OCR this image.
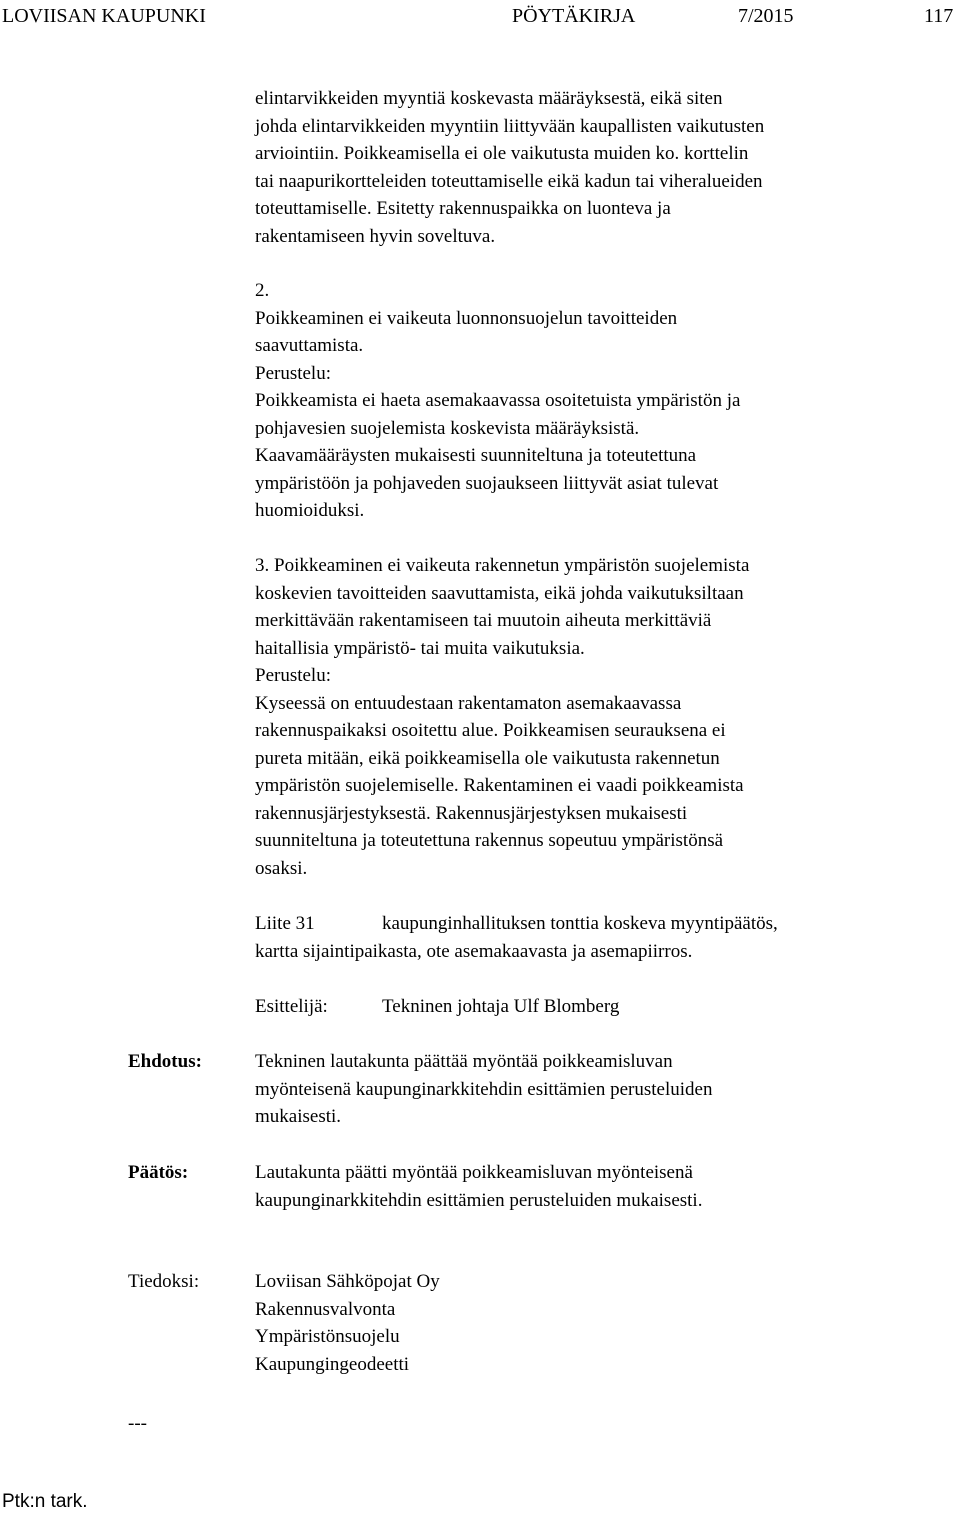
LOVIISAN KAUPUNKI	PÖYTÄKIRJA	7/2015	117

elintarvikkeiden myyntiä koskevasta määräyksestä, eikä siten

johda elintarvikkeiden myyntiin liittyvään kaupallisten vaikutusten

arviointiin. Poikkeamisella ei ole vaikutusta muiden ko. korttelin

tai naapurikortteleiden toteuttamiselle eikä kadun tai viheralueiden

toteuttamiselle. Esitetty rakennuspaikka on luonteva ja

rakentamiseen hyvin soveltuva.

2.

Poikkeaminen ei vaikeuta luonnonsuojelun tavoitteiden

saavuttamista.

Perustelu:

Poikkeamista ei haeta asemakaavassa osoitetuista ympäristön ja

pohjavesien suojelemista koskevista määräyksistä.

Kaavamääräysten mukaisesti suunniteltuna ja toteutettuna

ympäristöön ja pohjaveden suojaukseen liittyvät asiat tulevat

huomioiduksi.

3. Poikkeaminen ei vaikeuta rakennetun ympäristön suojelemista

koskevien tavoitteiden saavuttamista, eikä johda vaikutuksiltaan

merkittävään rakentamiseen tai muutoin aiheuta merkittäviä

haitallisia ympäristö- tai muita vaikutuksia.

Perustelu:

Kyseessä on entuudestaan rakentamaton asemakaavassa

rakennuspaikaksi osoitettu alue. Poikkeamisen seurauksena ei

pureta mitään, eikä poikkeamisella ole vaikutusta rakennetun

ympäristön suojelemiselle. Rakentaminen ei vaadi poikkeamista

rakennusjärjestyksestä. Rakennusjärjestyksen mukaisesti

suunniteltuna ja toteutettuna rakennus sopeutuu ympäristönsä

osaksi.

Liite 31	kaupunginhallituksen tonttia koskeva myyntipäätös,
kartta sijaintipaikasta, ote asemakaavasta ja asemapiirros.
Esittelijä:	Tekninen johtaja Ulf Blomberg
Ehdotus:	Tekninen lautakunta päättää myöntää poikkeamisluvan

myönteisenä kaupunginarkkitehdin esittämien perusteluiden

mukaisesti.

Päätös:	Lautakunta päätti myöntää poikkeamisluvan myönteisenä

kaupunginarkkitehdin esittämien perusteluiden mukaisesti.

Tiedoksi:	Loviisan Sähköpojat Oy

Rakennusvalvonta

Ympäristönsuojelu

Kaupungingeodeetti

---
Ptk:n tark.
